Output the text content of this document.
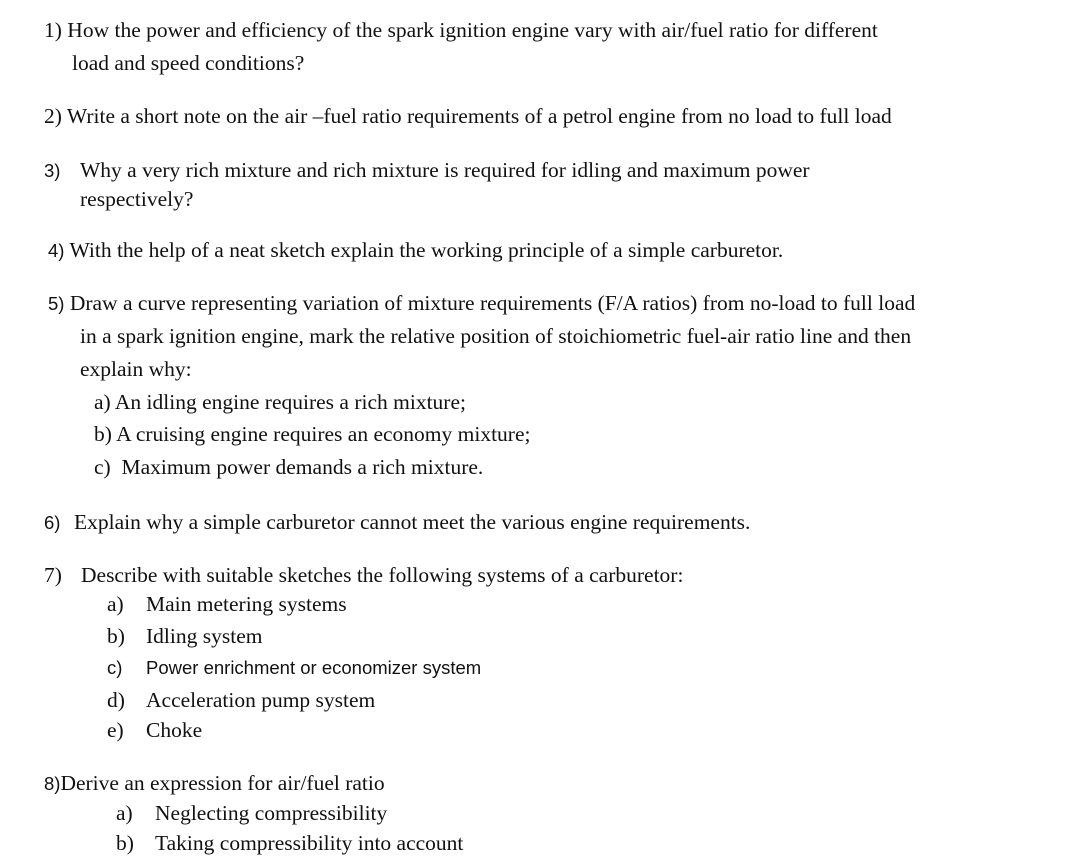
1) How the power and efficiency of the spark ignition engine vary with air/fuel ratio for different
load and speed conditions?
2) Write a short note on the air –fuel ratio requirements of a petrol engine from no load to full load
3) Why a very rich mixture and rich mixture is required for idling and maximum power
respectively?
4) With the help of a neat sketch explain the working principle of a simple carburetor.
5) Draw a curve representing variation of mixture requirements (F/A ratios) from no-load to full load
in a spark ignition engine, mark the relative position of stoichiometric fuel-air ratio line and then
explain why:
a) An idling engine requires a rich mixture;
b) A cruising engine requires an economy mixture;
c) Maximum power demands a rich mixture.
6) Explain why a simple carburetor cannot meet the various engine requirements.
7) Describe with suitable sketches the following systems of a carburetor:
a) Main metering systems
b) Idling system
c) Power enrichment or economizer system
d) Acceleration pump system
e) Choke
8)Derive an expression for air/fuel ratio
a) Neglecting compressibility
b) Taking compressibility into account
